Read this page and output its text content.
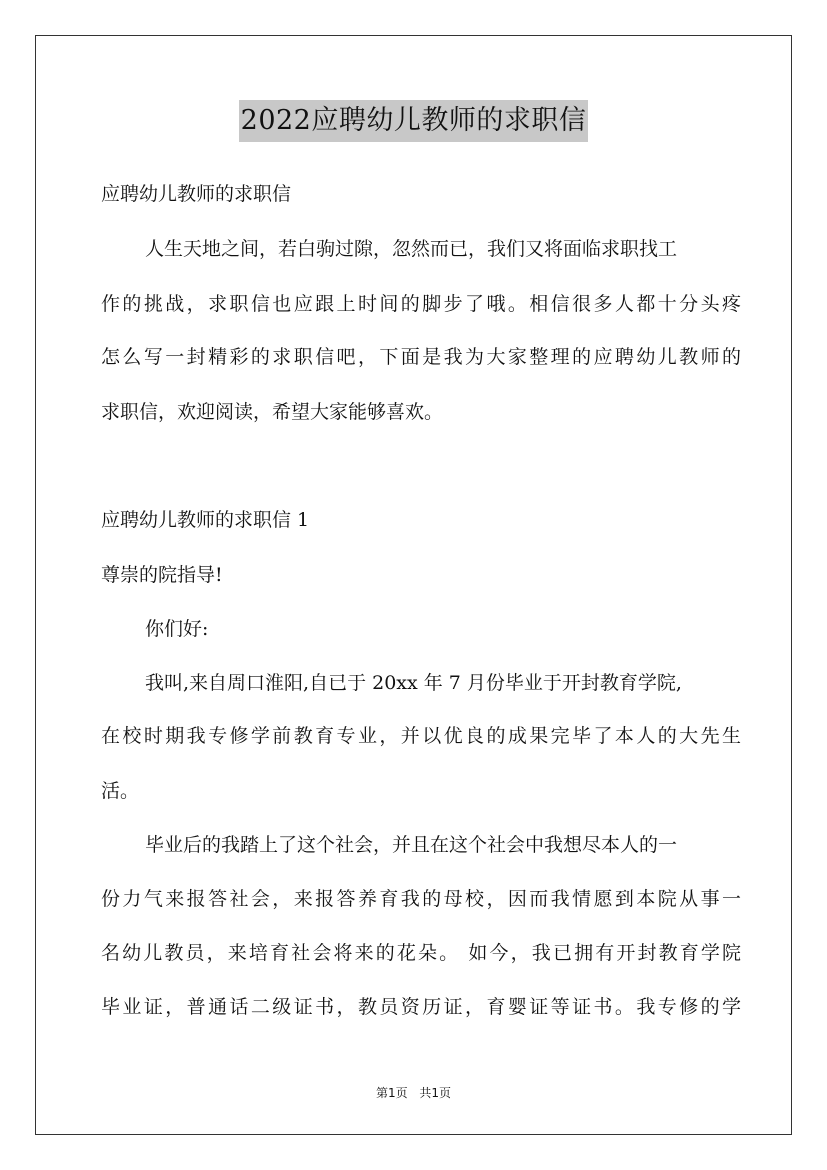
2022应聘幼儿教师的求职信
应聘幼儿教师的求职信
人生天地之间，若白驹过隙，忽然而已，我们又将面临求职找工
作的挑战，求职信也应跟上时间的脚步了哦。相信很多人都十分头疼
怎么写一封精彩的求职信吧，下面是我为大家整理的应聘幼儿教师的
求职信，欢迎阅读，希望大家能够喜欢。
应聘幼儿教师的求职信 1
尊崇的院指导!
你们好:
我叫,来自周口淮阳,自已于 20xx 年 7 月份毕业于开封教育学院,
在校时期我专修学前教育专业，并以优良的成果完毕了本人的大先生
活。
毕业后的我踏上了这个社会，并且在这个社会中我想尽本人的一
份力气来报答社会，来报答养育我的母校，因而我情愿到本院从事一
名幼儿教员，来培育社会将来的花朵。 如今，我已拥有开封教育学院
毕业证，普通话二级证书，教员资历证，育婴证等证书。我专修的学
第1页 共1页
